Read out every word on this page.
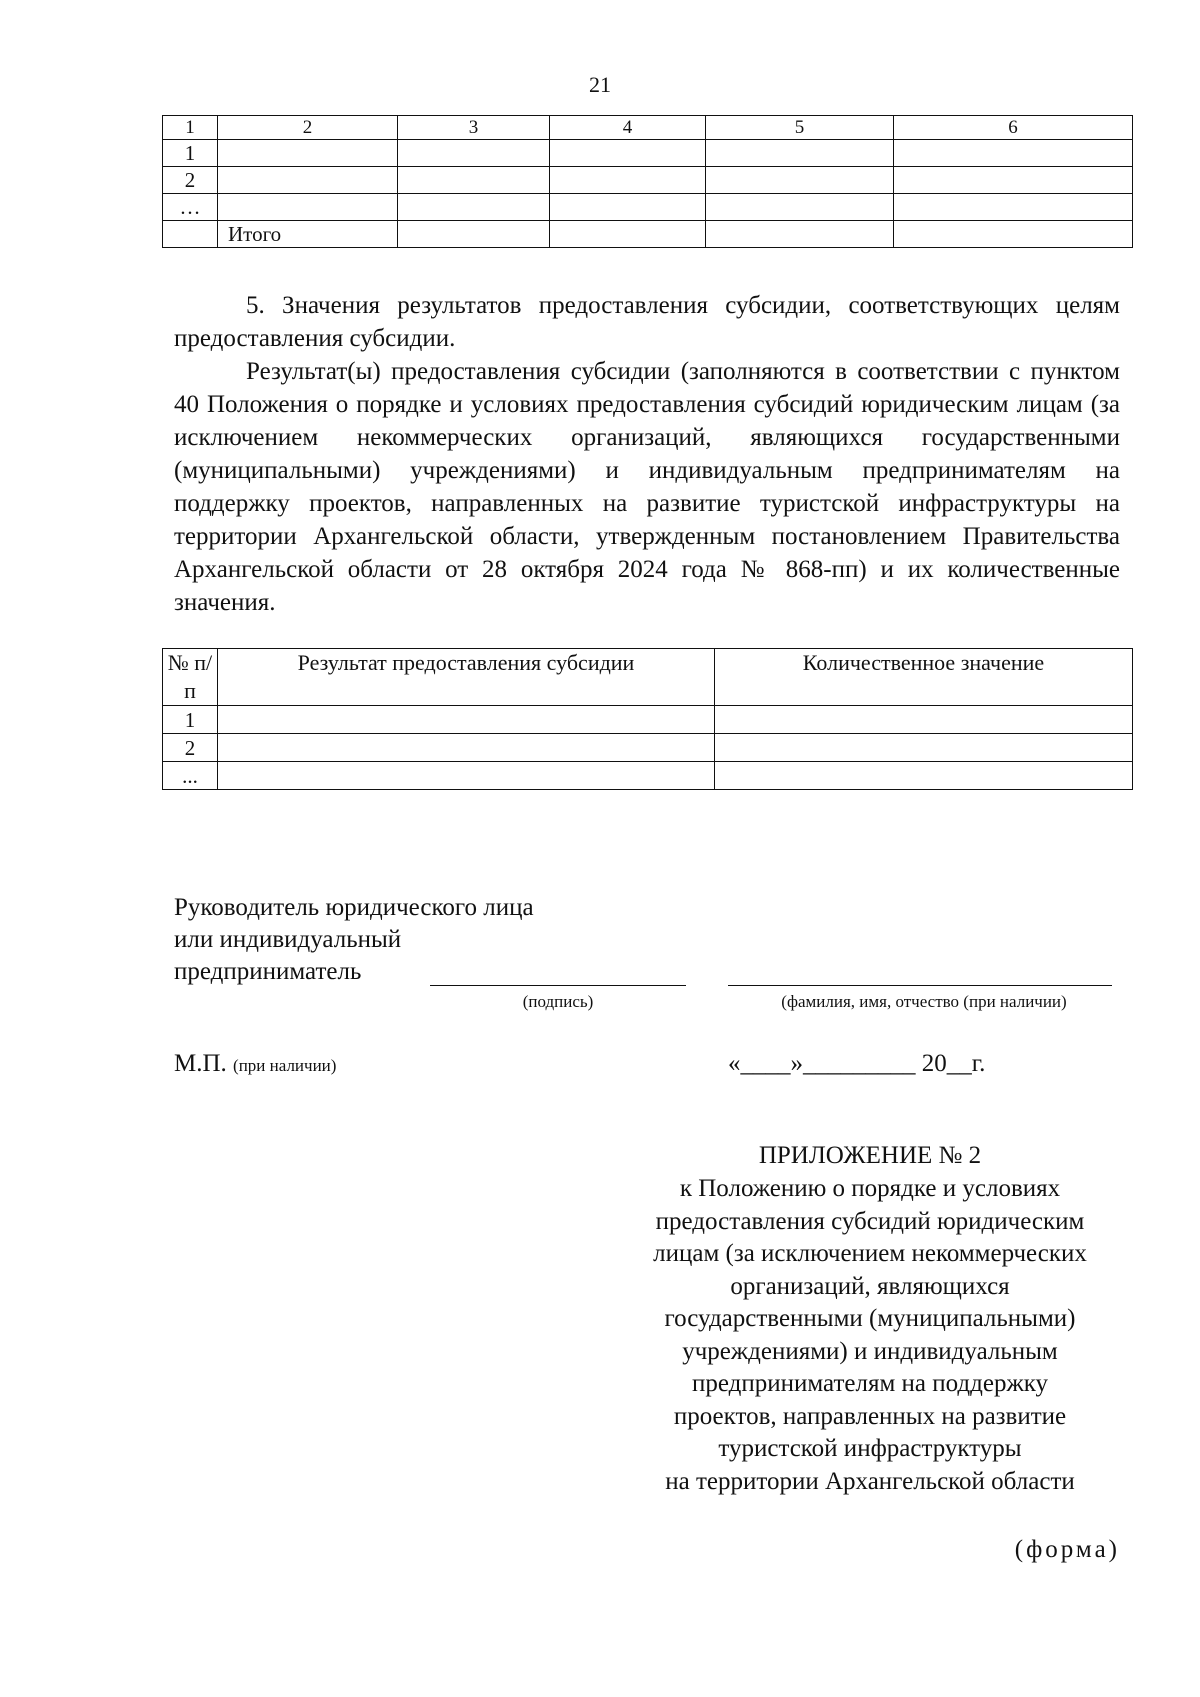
21
1	2	3	4	5	6
1					
2					
…					
	Итого				
5. Значения результатов предоставления субсидии, соответствующих целям предоставления субсидии.
Результат(ы) предоставления субсидии (заполняются в соответствии с пунктом 40 Положения о порядке и условиях предоставления субсидий юридическим лицам (за исключением некоммерческих организаций, являющихся государственными (муниципальными) учреждениями) и индивидуальным предпринимателям на поддержку проектов, направленных на развитие туристской инфраструктуры на территории Архангельской области, утвержденным постановлением Правительства Архангельской области от 28 октября 2024 года № 868-пп) и их количественные значения.
№ п/п	Результат предоставления субсидии	Количественное значение
1		
2		
...		
Руководитель юридического лица
или индивидуальный
предприниматель
(подпись)	(фамилия, имя, отчество (при наличии)
М.П. (при наличии)	«____»_________ 20__г.
ПРИЛОЖЕНИЕ № 2
к Положению о порядке и условиях
предоставления субсидий юридическим
лицам (за исключением некоммерческих
организаций, являющихся
государственными (муниципальными)
учреждениями) и индивидуальным
предпринимателям на поддержку
проектов, направленных на развитие
туристской инфраструктуры
на территории Архангельской области
(форма)
